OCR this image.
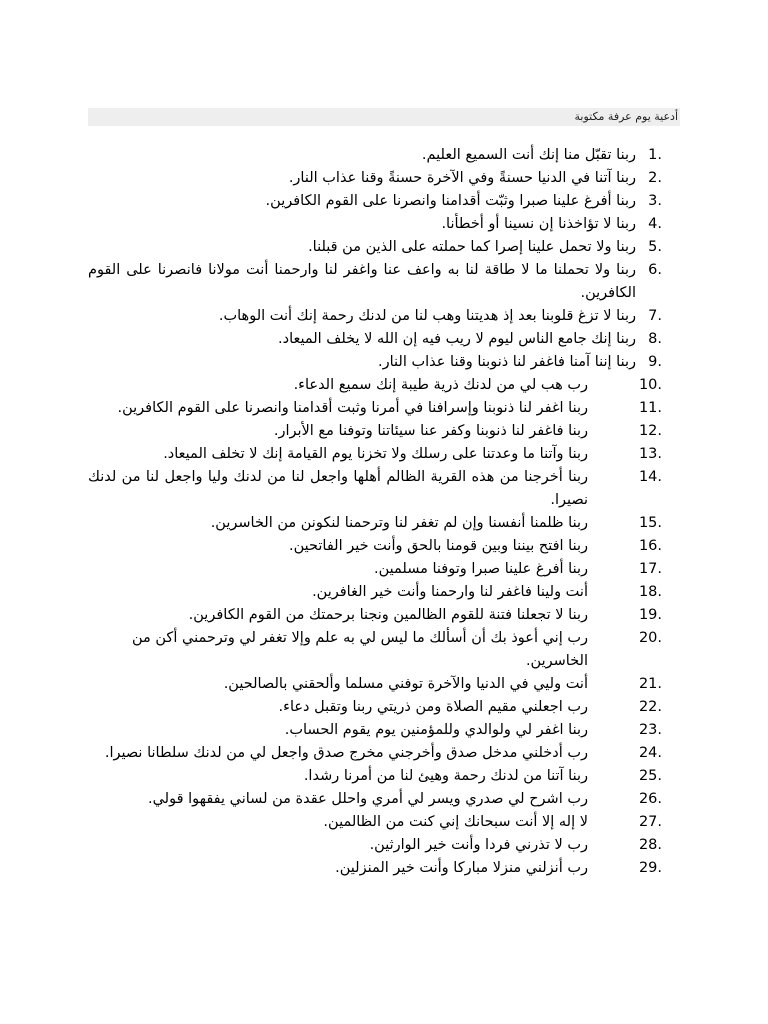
أدعية يوم عرفة مكتوبة
1.
ربنا تقبّل منا إنك أنت السميع العليم.
2.
ربنا آتنا في الدنيا حسنةً وفي الآخرة حسنةً وقنا عذاب النار.
3.
ربنا أفرغ علينا صبرا وثبّت أقدامنا وانصرنا على القوم الكافرين.
4.
ربنا لا تؤاخذنا إن نسينا أو أخطأنا.
5.
ربنا ولا تحمل علينا إصرا كما حملته على الذين من قبلنا.
6.
ربنا ولا تحملنا ما لا طاقة لنا به واعف عنا واغفر لنا وارحمنا أنت مولانا فانصرنا على القوم الكافرين.
7.
ربنا لا تزغ قلوبنا بعد إذ هديتنا وهب لنا من لدنك رحمة إنك أنت الوهاب.
8.
ربنا إنك جامع الناس ليوم لا ريب فيه إن الله لا يخلف الميعاد.
9.
ربنا إننا آمنا فاغفر لنا ذنوبنا وقنا عذاب النار.
10.
رب هب لي من لدنك ذرية طيبة إنك سميع الدعاء.
11.
ربنا اغفر لنا ذنوبنا وإسرافنا في أمرنا وثبت أقدامنا وانصرنا على القوم الكافرين.
12.
ربنا فاغفر لنا ذنوبنا وكفر عنا سيئاتنا وتوفنا مع الأبرار.
13.
ربنا وآتنا ما وعدتنا على رسلك ولا تخزنا يوم القيامة إنك لا تخلف الميعاد.
14.
ربنا أخرجنا من هذه القرية الظالم أهلها واجعل لنا من لدنك وليا واجعل لنا من لدنك نصيرا.
15.
ربنا ظلمنا أنفسنا وإن لم تغفر لنا وترحمنا لنكونن من الخاسرين.
16.
ربنا افتح بيننا وبين قومنا بالحق وأنت خير الفاتحين.
17.
ربنا أفرغ علينا صبرا وتوفنا مسلمين.
18.
أنت ولينا فاغفر لنا وارحمنا وأنت خير الغافرين.
19.
ربنا لا تجعلنا فتنة للقوم الظالمين ونجنا برحمتك من القوم الكافرين.
20.
رب إني أعوذ بك أن أسألك ما ليس لي به علم وإلا تغفر لي وترحمني أكن من الخاسرين.
21.
أنت وليي في الدنيا والآخرة توفني مسلما وألحقني بالصالحين.
22.
رب اجعلني مقيم الصلاة ومن ذريتي ربنا وتقبل دعاء.
23.
ربنا اغفر لي ولوالدي وللمؤمنين يوم يقوم الحساب.
24.
رب أدخلني مدخل صدق وأخرجني مخرج صدق واجعل لي من لدنك سلطانا نصيرا.
25.
ربنا آتنا من لدنك رحمة وهيئ لنا من أمرنا رشدا.
26.
رب اشرح لي صدري ويسر لي أمري واحلل عقدة من لساني يفقهوا قولي.
27.
لا إله إلا أنت سبحانك إني كنت من الظالمين.
28.
رب لا تذرني فردا وأنت خير الوارثين.
29.
رب أنزلني منزلا مباركا وأنت خير المنزلين.
